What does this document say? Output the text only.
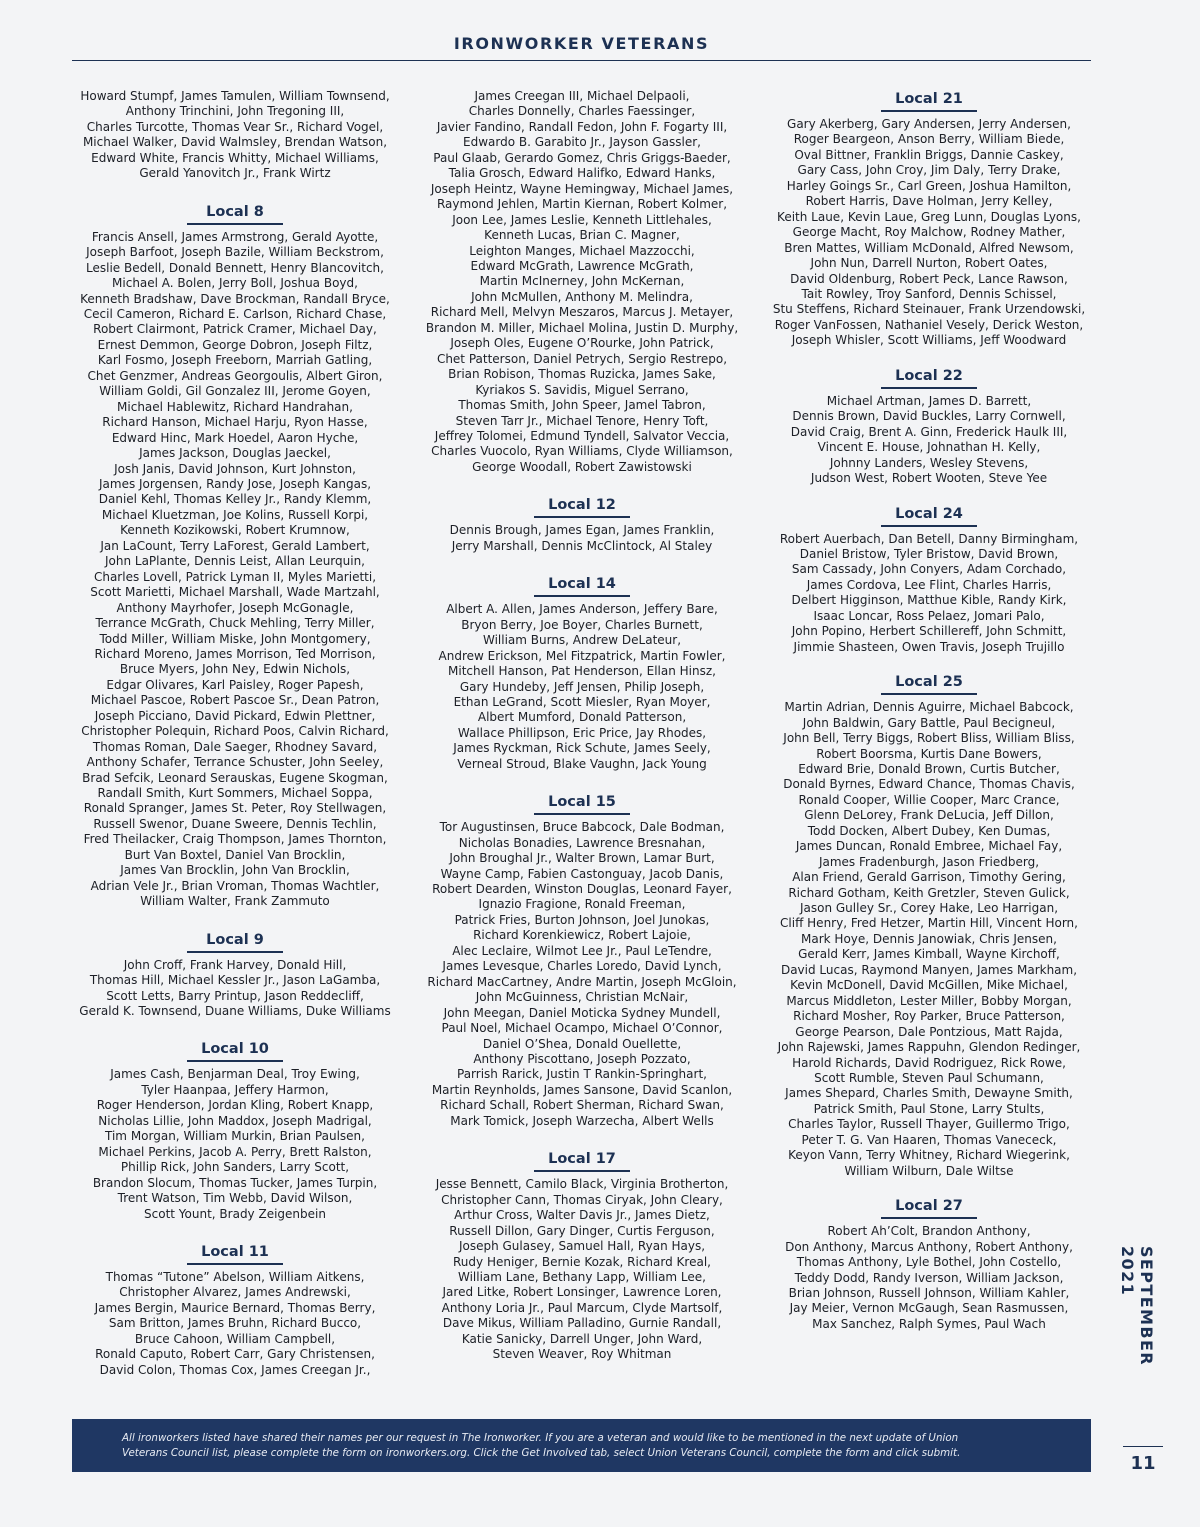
IRONWORKER VETERANS

Howard Stumpf, James Tamulen, William Townsend,
Anthony Trinchini, John Tregoning III,
Charles Turcotte, Thomas Vear Sr., Richard Vogel,
Michael Walker, David Walmsley, Brendan Watson,
Edward White, Francis Whitty, Michael Williams,
Gerald Yanovitch Jr., Frank Wirtz

Local 8

Francis Ansell, James Armstrong, Gerald Ayotte,
Joseph Barfoot, Joseph Bazile, William Beckstrom,
Leslie Bedell, Donald Bennett, Henry Blancovitch,
Michael A. Bolen, Jerry Boll, Joshua Boyd,
Kenneth Bradshaw, Dave Brockman, Randall Bryce,
Cecil Cameron, Richard E. Carlson, Richard Chase,
Robert Clairmont, Patrick Cramer, Michael Day,
Ernest Demmon, George Dobron, Joseph Filtz,
Karl Fosmo, Joseph Freeborn, Marriah Gatling,
Chet Genzmer, Andreas Georgoulis, Albert Giron,
William Goldi, Gil Gonzalez III, Jerome Goyen,
Michael Hablewitz, Richard Handrahan,
Richard Hanson, Michael Harju, Ryon Hasse,
Edward Hinc, Mark Hoedel, Aaron Hyche,
James Jackson, Douglas Jaeckel,
Josh Janis, David Johnson, Kurt Johnston,
James Jorgensen, Randy Jose, Joseph Kangas,
Daniel Kehl, Thomas Kelley Jr., Randy Klemm,
Michael Kluetzman, Joe Kolins, Russell Korpi,
Kenneth Kozikowski, Robert Krumnow,
Jan LaCount, Terry LaForest, Gerald Lambert,
John LaPlante, Dennis Leist, Allan Leurquin,
Charles Lovell, Patrick Lyman II, Myles Marietti,
Scott Marietti, Michael Marshall, Wade Martzahl,
Anthony Mayrhofer, Joseph McGonagle,
Terrance McGrath, Chuck Mehling, Terry Miller,
Todd Miller, William Miske, John Montgomery,
Richard Moreno, James Morrison, Ted Morrison,
Bruce Myers, John Ney, Edwin Nichols,
Edgar Olivares, Karl Paisley, Roger Papesh,
Michael Pascoe, Robert Pascoe Sr., Dean Patron,
Joseph Picciano, David Pickard, Edwin Plettner,
Christopher Polequin, Richard Poos, Calvin Richard,
Thomas Roman, Dale Saeger, Rhodney Savard,
Anthony Schafer, Terrance Schuster, John Seeley,
Brad Sefcik, Leonard Serauskas, Eugene Skogman,
Randall Smith, Kurt Sommers, Michael Soppa,
Ronald Spranger, James St. Peter, Roy Stellwagen,
Russell Swenor, Duane Sweere, Dennis Techlin,
Fred Theilacker, Craig Thompson, James Thornton,
Burt Van Boxtel, Daniel Van Brocklin,
James Van Brocklin, John Van Brocklin,
Adrian Vele Jr., Brian Vroman, Thomas Wachtler,
William Walter, Frank Zammuto

Local 9

John Croff, Frank Harvey, Donald Hill,
Thomas Hill, Michael Kessler Jr., Jason LaGamba,
Scott Letts, Barry Printup, Jason Reddecliff,
Gerald K. Townsend, Duane Williams, Duke Williams

Local 10

James Cash, Benjarman Deal, Troy Ewing,
Tyler Haanpaa, Jeffery Harmon,
Roger Henderson, Jordan Kling, Robert Knapp,
Nicholas Lillie, John Maddox, Joseph Madrigal,
Tim Morgan, William Murkin, Brian Paulsen,
Michael Perkins, Jacob A. Perry, Brett Ralston,
Phillip Rick, John Sanders, Larry Scott,
Brandon Slocum, Thomas Tucker, James Turpin,
Trent Watson, Tim Webb, David Wilson,
Scott Yount, Brady Zeigenbein

Local 11

Thomas “Tutone” Abelson, William Aitkens,
Christopher Alvarez, James Andrewski,
James Bergin, Maurice Bernard, Thomas Berry,
Sam Britton, James Bruhn, Richard Bucco,
Bruce Cahoon, William Campbell,
Ronald Caputo, Robert Carr, Gary Christensen,
David Colon, Thomas Cox, James Creegan Jr.,

James Creegan III, Michael Delpaoli,
Charles Donnelly, Charles Faessinger,
Javier Fandino, Randall Fedon, John F. Fogarty III,
Edwardo B. Garabito Jr., Jayson Gassler,
Paul Glaab, Gerardo Gomez, Chris Griggs-Baeder,
Talia Grosch, Edward Halifko, Edward Hanks,
Joseph Heintz, Wayne Hemingway, Michael James,
Raymond Jehlen, Martin Kiernan, Robert Kolmer,
Joon Lee, James Leslie, Kenneth Littlehales,
Kenneth Lucas, Brian C. Magner,
Leighton Manges, Michael Mazzocchi,
Edward McGrath, Lawrence McGrath,
Martin McInerney, John McKernan,
John McMullen, Anthony M. Melindra,
Richard Mell, Melvyn Meszaros, Marcus J. Metayer,
Brandon M. Miller, Michael Molina, Justin D. Murphy,
Joseph Oles, Eugene O’Rourke, John Patrick,
Chet Patterson, Daniel Petrych, Sergio Restrepo,
Brian Robison, Thomas Ruzicka, James Sake,
Kyriakos S. Savidis, Miguel Serrano,
Thomas Smith, John Speer, Jamel Tabron,
Steven Tarr Jr., Michael Tenore, Henry Toft,
Jeffrey Tolomei, Edmund Tyndell, Salvator Veccia,
Charles Vuocolo, Ryan Williams, Clyde Williamson,
George Woodall, Robert Zawistowski

Local 12

Dennis Brough, James Egan, James Franklin,
Jerry Marshall, Dennis McClintock, Al Staley

Local 14

Albert A. Allen, James Anderson, Jeffery Bare,
Bryon Berry, Joe Boyer, Charles Burnett,
William Burns, Andrew DeLateur,
Andrew Erickson, Mel Fitzpatrick, Martin Fowler,
Mitchell Hanson, Pat Henderson, Ellan Hinsz,
Gary Hundeby, Jeff Jensen, Philip Joseph,
Ethan LeGrand, Scott Miesler, Ryan Moyer,
Albert Mumford, Donald Patterson,
Wallace Phillipson, Eric Price, Jay Rhodes,
James Ryckman, Rick Schute, James Seely,
Verneal Stroud, Blake Vaughn, Jack Young

Local 15

Tor Augustinsen, Bruce Babcock, Dale Bodman,
Nicholas Bonadies, Lawrence Bresnahan,
John Broughal Jr., Walter Brown, Lamar Burt,
Wayne Camp, Fabien Castonguay, Jacob Danis,
Robert Dearden, Winston Douglas, Leonard Fayer,
Ignazio Fragione, Ronald Freeman,
Patrick Fries, Burton Johnson, Joel Junokas,
Richard Korenkiewicz, Robert Lajoie,
Alec Leclaire, Wilmot Lee Jr., Paul LeTendre,
James Levesque, Charles Loredo, David Lynch,
Richard MacCartney, Andre Martin, Joseph McGloin,
John McGuinness, Christian McNair,
John Meegan, Daniel Moticka Sydney Mundell,
Paul Noel, Michael Ocampo, Michael O’Connor,
Daniel O’Shea, Donald Ouellette,
Anthony Piscottano, Joseph Pozzato,
Parrish Rarick, Justin T Rankin-Springhart,
Martin Reynholds, James Sansone, David Scanlon,
Richard Schall, Robert Sherman, Richard Swan,
Mark Tomick, Joseph Warzecha, Albert Wells

Local 17

Jesse Bennett, Camilo Black, Virginia Brotherton,
Christopher Cann, Thomas Ciryak, John Cleary,
Arthur Cross, Walter Davis Jr., James Dietz,
Russell Dillon, Gary Dinger, Curtis Ferguson,
Joseph Gulasey, Samuel Hall, Ryan Hays,
Rudy Heniger, Bernie Kozak, Richard Kreal,
William Lane, Bethany Lapp, William Lee,
Jared Litke, Robert Lonsinger, Lawrence Loren,
Anthony Loria Jr., Paul Marcum, Clyde Martsolf,
Dave Mikus, William Palladino, Gurnie Randall,
Katie Sanicky, Darrell Unger, John Ward,
Steven Weaver, Roy Whitman

Local 21

Gary Akerberg, Gary Andersen, Jerry Andersen,
Roger Beargeon, Anson Berry, William Biede,
Oval Bittner, Franklin Briggs, Dannie Caskey,
Gary Cass, John Croy, Jim Daly, Terry Drake,
Harley Goings Sr., Carl Green, Joshua Hamilton,
Robert Harris, Dave Holman, Jerry Kelley,
Keith Laue, Kevin Laue, Greg Lunn, Douglas Lyons,
George Macht, Roy Malchow, Rodney Mather,
Bren Mattes, William McDonald, Alfred Newsom,
John Nun, Darrell Nurton, Robert Oates,
David Oldenburg, Robert Peck, Lance Rawson,
Tait Rowley, Troy Sanford, Dennis Schissel,
Stu Steffens, Richard Steinauer, Frank Urzendowski,
Roger VanFossen, Nathaniel Vesely, Derick Weston,
Joseph Whisler, Scott Williams, Jeff Woodward

Local 22

Michael Artman, James D. Barrett,
Dennis Brown, David Buckles, Larry Cornwell,
David Craig, Brent A. Ginn, Frederick Haulk III,
Vincent E. House, Johnathan H. Kelly,
Johnny Landers, Wesley Stevens,
Judson West, Robert Wooten, Steve Yee

Local 24

Robert Auerbach, Dan Betell, Danny Birmingham,
Daniel Bristow, Tyler Bristow, David Brown,
Sam Cassady, John Conyers, Adam Corchado,
James Cordova, Lee Flint, Charles Harris,
Delbert Higginson, Matthue Kible, Randy Kirk,
Isaac Loncar, Ross Pelaez, Jomari Palo,
John Popino, Herbert Schillereff, John Schmitt,
Jimmie Shasteen, Owen Travis, Joseph Trujillo

Local 25

Martin Adrian, Dennis Aguirre, Michael Babcock,
John Baldwin, Gary Battle, Paul Becigneul,
John Bell, Terry Biggs, Robert Bliss, William Bliss,
Robert Boorsma, Kurtis Dane Bowers,
Edward Brie, Donald Brown, Curtis Butcher,
Donald Byrnes, Edward Chance, Thomas Chavis,
Ronald Cooper, Willie Cooper, Marc Crance,
Glenn DeLorey, Frank DeLucia, Jeff Dillon,
Todd Docken, Albert Dubey, Ken Dumas,
James Duncan, Ronald Embree, Michael Fay,
James Fradenburgh, Jason Friedberg,
Alan Friend, Gerald Garrison, Timothy Gering,
Richard Gotham, Keith Gretzler, Steven Gulick,
Jason Gulley Sr., Corey Hake, Leo Harrigan,
Cliff Henry, Fred Hetzer, Martin Hill, Vincent Horn,
Mark Hoye, Dennis Janowiak, Chris Jensen,
Gerald Kerr, James Kimball, Wayne Kirchoff,
David Lucas, Raymond Manyen, James Markham,
Kevin McDonell, David McGillen, Mike Michael,
Marcus Middleton, Lester Miller, Bobby Morgan,
Richard Mosher, Roy Parker, Bruce Patterson,
George Pearson, Dale Pontzious, Matt Rajda,
John Rajewski, James Rappuhn, Glendon Redinger,
Harold Richards, David Rodriguez, Rick Rowe,
Scott Rumble, Steven Paul Schumann,
James Shepard, Charles Smith, Dewayne Smith,
Patrick Smith, Paul Stone, Larry Stults,
Charles Taylor, Russell Thayer, Guillermo Trigo,
Peter T. G. Van Haaren, Thomas Vanececk,
Keyon Vann, Terry Whitney, Richard Wiegerink,
William Wilburn, Dale Wiltse

Local 27

Robert Ah’Colt, Brandon Anthony,
Don Anthony, Marcus Anthony, Robert Anthony,
Thomas Anthony, Lyle Bothel, John Costello,
Teddy Dodd, Randy Iverson, William Jackson,
Brian Johnson, Russell Johnson, William Kahler,
Jay Meier, Vernon McGaugh, Sean Rasmussen,
Max Sanchez, Ralph Symes, Paul Wach

All ironworkers listed have shared their names per our request in The Ironworker. If you are a veteran and would like to be mentioned in the next update of Union
Veterans Council list, please complete the form on ironworkers.org. Click the Get Involved tab, select Union Veterans Council, complete the form and click submit.
SEPTEMBER 2021
11
